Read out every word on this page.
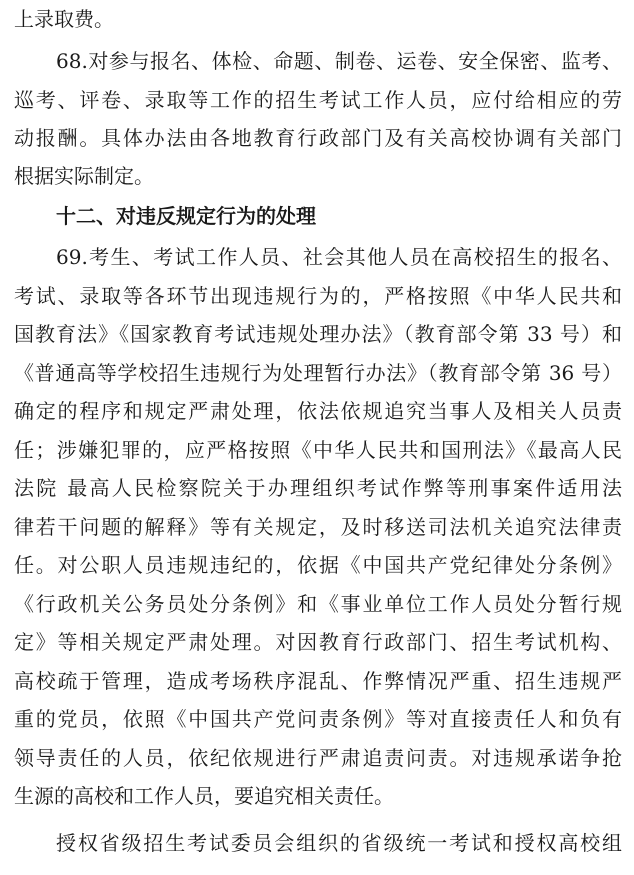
上录取费。
68.对参与报名、体检、命题、制卷、运卷、安全保密、监考、
巡考、评卷、录取等工作的招生考试工作人员，应付给相应的劳
动报酬。具体办法由各地教育行政部门及有关高校协调有关部门
根据实际制定。
十二、对违反规定行为的处理
69.考生、考试工作人员、社会其他人员在高校招生的报名、
考试、录取等各环节出现违规行为的，严格按照《中华人民共和
国教育法》《国家教育考试违规处理办法》（教育部令第 33 号）和
《普通高等学校招生违规行为处理暂行办法》（教育部令第 36 号）
确定的程序和规定严肃处理，依法依规追究当事人及相关人员责
任；涉嫌犯罪的，应严格按照《中华人民共和国刑法》《最高人民
法院 最高人民检察院关于办理组织考试作弊等刑事案件适用法
律若干问题的解释》等有关规定，及时移送司法机关追究法律责
任。对公职人员违规违纪的，依据《中国共产党纪律处分条例》
《行政机关公务员处分条例》和《事业单位工作人员处分暂行规
定》等相关规定严肃处理。对因教育行政部门、招生考试机构、
高校疏于管理，造成考场秩序混乱、作弊情况严重、招生违规严
重的党员，依照《中国共产党问责条例》等对直接责任人和负有
领导责任的人员，依纪依规进行严肃追责问责。对违规承诺争抢
生源的高校和工作人员，要追究相关责任。
授权省级招生考试委员会组织的省级统一考试和授权高校组
